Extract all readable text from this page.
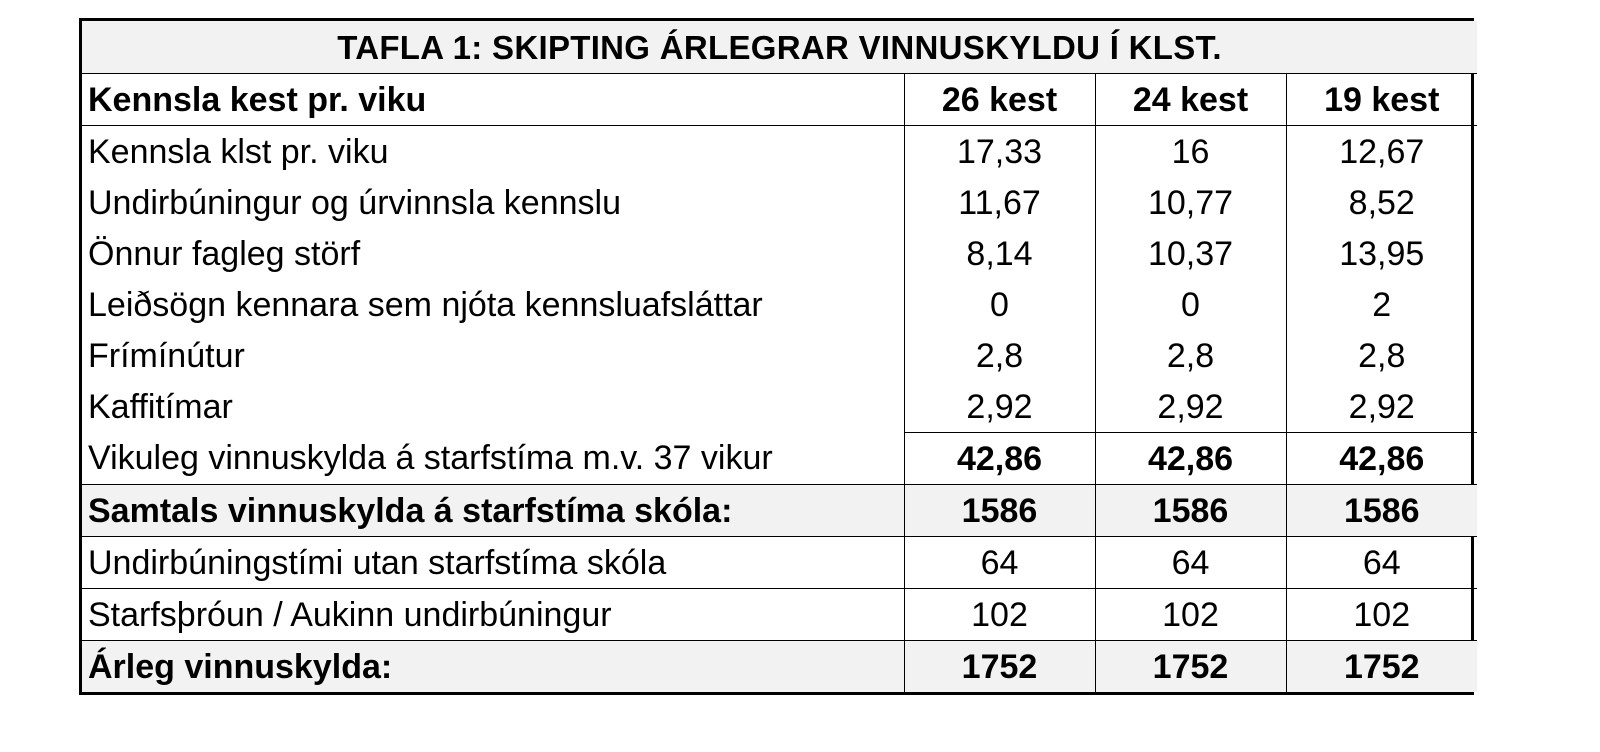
TAFLA 1: SKIPTING ÁRLEGRAR VINNUSKYLDU Í KLST.			
Kennsla kest pr. viku	26 kest	24 kest	19 kest
Kennsla klst pr. viku	17,33	16	12,67
Undirbúningur og úrvinnsla kennslu	11,67	10,77	8,52
Önnur fagleg störf	8,14	10,37	13,95
Leiðsögn kennara sem njóta kennsluafsláttar	0	0	2
Frímínútur	2,8	2,8	2,8
Kaffitímar	2,92	2,92	2,92
Vikuleg vinnuskylda á starfstíma m.v. 37 vikur	42,86	42,86	42,86
Samtals vinnuskylda á starfstíma skóla:	1586	1586	1586
Undirbúningstími utan starfstíma skóla	64	64	64
Starfsþróun / Aukinn undirbúningur	102	102	102
Árleg vinnuskylda:	1752	1752	1752
